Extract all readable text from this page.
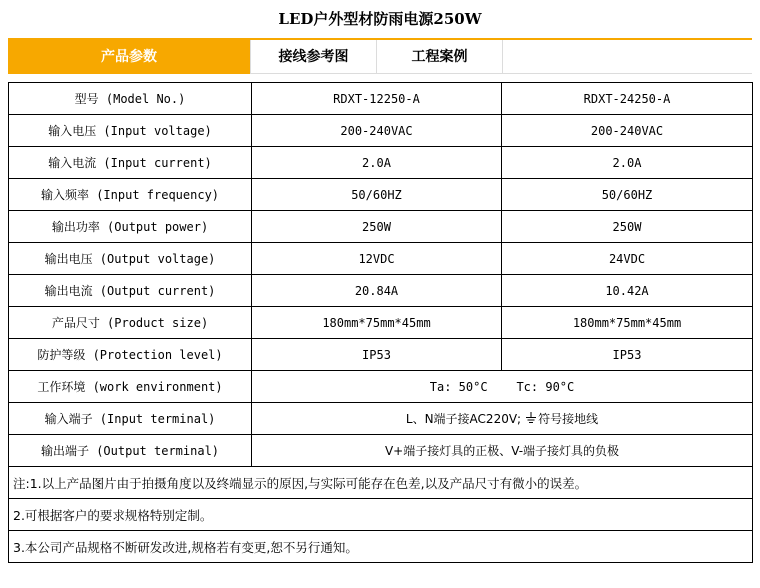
LED户外型材防雨电源250W
产品参数	接线参考图	工程案例
型号 (Model No.)	RDXT-12250-A	RDXT-24250-A
输入电压 (Input voltage)	200-240VAC	200-240VAC
输入电流 (Input current)	2.0A	2.0A
输入频率 (Input frequency)	50/60HZ	50/60HZ
输出功率 (Output power)	250W	250W
输出电压 (Output voltage)	12VDC	24VDC
输出电流 (Output current)	20.84A	10.42A
产品尺寸 (Product size)	180mm*75mm*45mm	180mm*75mm*45mm
防护等级 (Protection level)	IP53	IP53
工作环境 (work environment)	Ta: 50°C    Tc: 90°C	
输入端子 (Input terminal)	L、N端子接AC220V; 符号接地线	
输出端子 (Output terminal)	V+端子接灯具的正极、V-端子接灯具的负极	
注:1.以上产品图片由于拍摄角度以及终端显示的原因,与实际可能存在色差,以及产品尺寸有微小的误差。		
2.可根据客户的要求规格特别定制。		
3.本公司产品规格不断研发改进,规格若有变更,恕不另行通知。		
